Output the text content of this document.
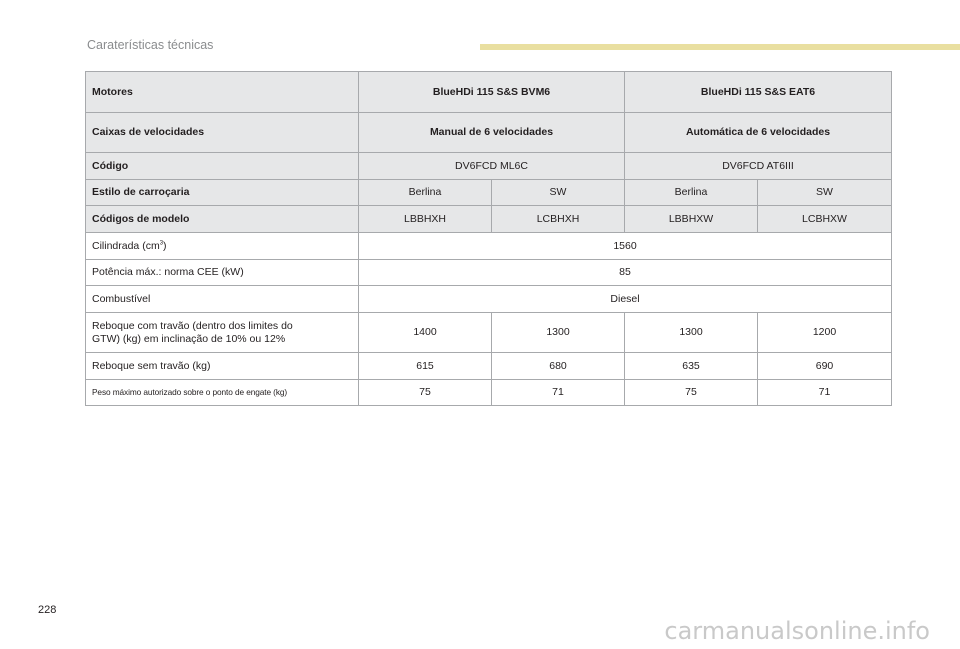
Caraterísticas técnicas
Motores	BlueHDi 115 S&S BVM6		BlueHDi 115 S&S EAT6	
Caixas de velocidades	Manual de 6 velocidades		Automática de 6 velocidades	
Código	DV6FCD ML6C		DV6FCD AT6III	
Estilo de carroçaria	Berlina	SW	Berlina	SW
Códigos de modelo	LBBHXH	LCBHXH	LBBHXW	LCBHXW
Cilindrada $(cm^3)$	1560			
Potência máx.: norma CEE (kW)	85			
Combustível	Diesel			
Reboque com travão (dentro dos limites do
GTW) (kg) em inclinação de 10% ou 12%	1400	1300	1300	1200
Reboque sem travão (kg)	615	680	635	690
Peso máximo autorizado sobre o ponto de engate (kg)	75	71	75	71
228
carmanualsonline.info
